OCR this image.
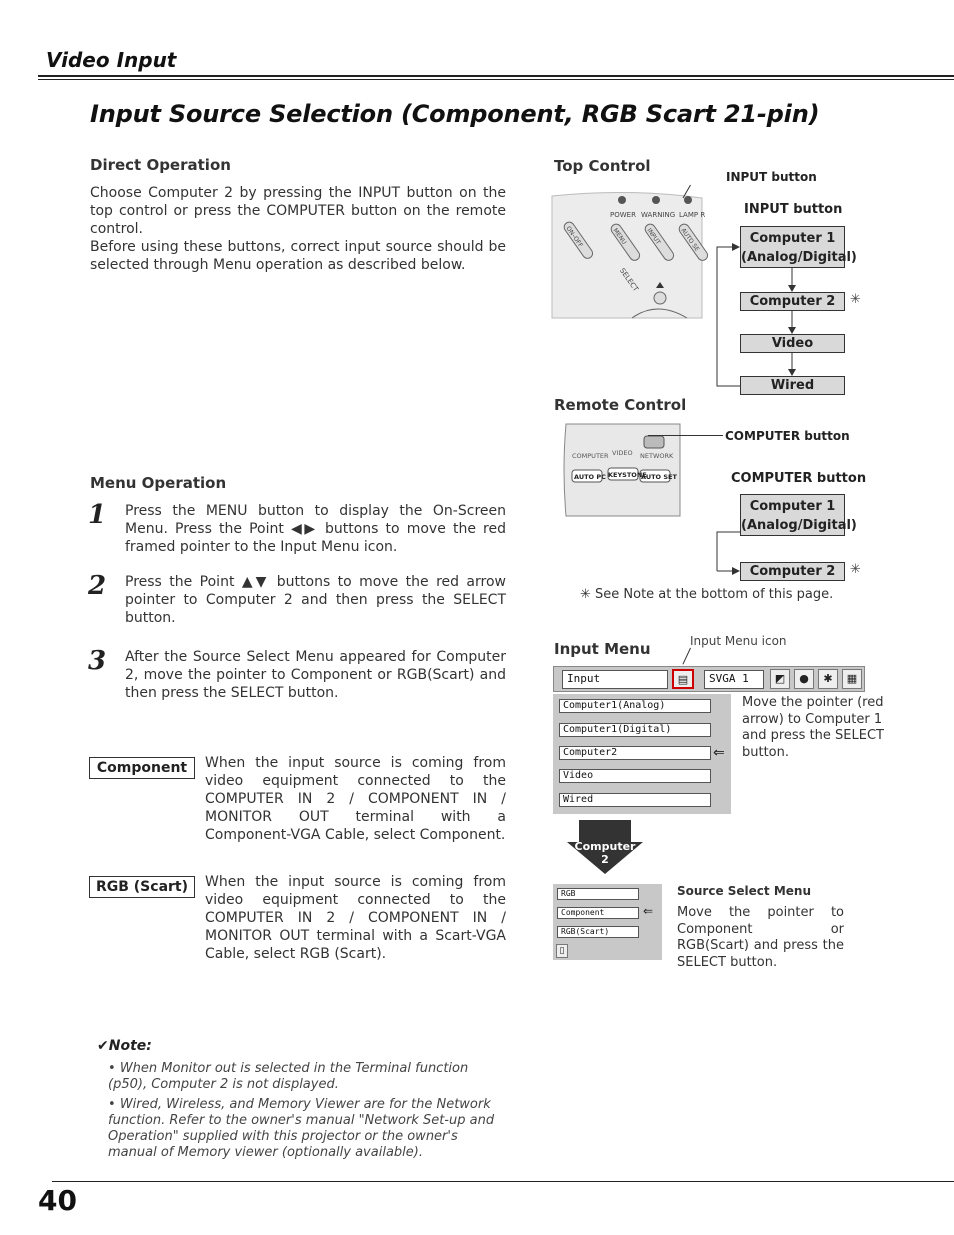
Video Input
Input Source Selection (Component, RGB Scart 21-pin)
Direct Operation
Choose Computer 2 by pressing the INPUT button on the top control or press the COMPUTER button on the remote control.
Before using these buttons, correct input source should be selected through Menu operation as described below.
Menu Operation
1 Press the MENU button to display the On-Screen Menu. Press the Point ◀▶ buttons to move the red framed pointer to the Input Menu icon.
2 Press the Point ▲▼ buttons to move the red arrow pointer to Computer 2 and then press the SELECT button.
3 After the Source Select Menu appeared for Computer 2, move the pointer to Component or RGB(Scart) and then press the SELECT button.
Component	When the input source is coming from video equipment connected to the COMPUTER IN 2 / COMPONENT IN / MONITOR OUT terminal with a Component-VGA Cable, select Component.
RGB (Scart)	When the input source is coming from video equipment connected to the COMPUTER IN 2 / COMPONENT IN / MONITOR OUT terminal with a Scart-VGA Cable, select RGB (Scart).
✔Note:
• When Monitor out is selected in the Terminal function (p50), Computer 2 is not displayed.
• Wired, Wireless, and Memory Viewer are for the Network function. Refer to the owner's manual "Network Set-up and Operation" supplied with this projector or the owner's manual of Memory viewer (optionally available).
40
Top Control
INPUT button
POWER WARNING LAMP R
ON–OFF	MENU	INPUT	AUTO SE
SELECT
INPUT button
Computer 1
(Analog/Digital)
Computer 2
Video
Wired
✳
Remote Control
COMPUTER button
COMPUTER VIDEO NETWORK
AUTO PC KEYSTONE
AUTO SET	COMPUTER button
Computer 1
(Analog/Digital)
Computer 2	✳
✳ See Note at the bottom of this page.
Input Menu	Input Menu icon
Input	▤	SVGA 1	◩	●	✱	▦
Computer1(Analog)
Computer1(Digital)
Computer2	⇐
Video
Wired
Move the pointer (red arrow) to Computer 1 and press the SELECT button.
Computer
2
RGB
Component	⇐
RGB(Scart)
▯
Source Select Menu
Move the pointer to Component or RGB(Scart) and press the SELECT button.
